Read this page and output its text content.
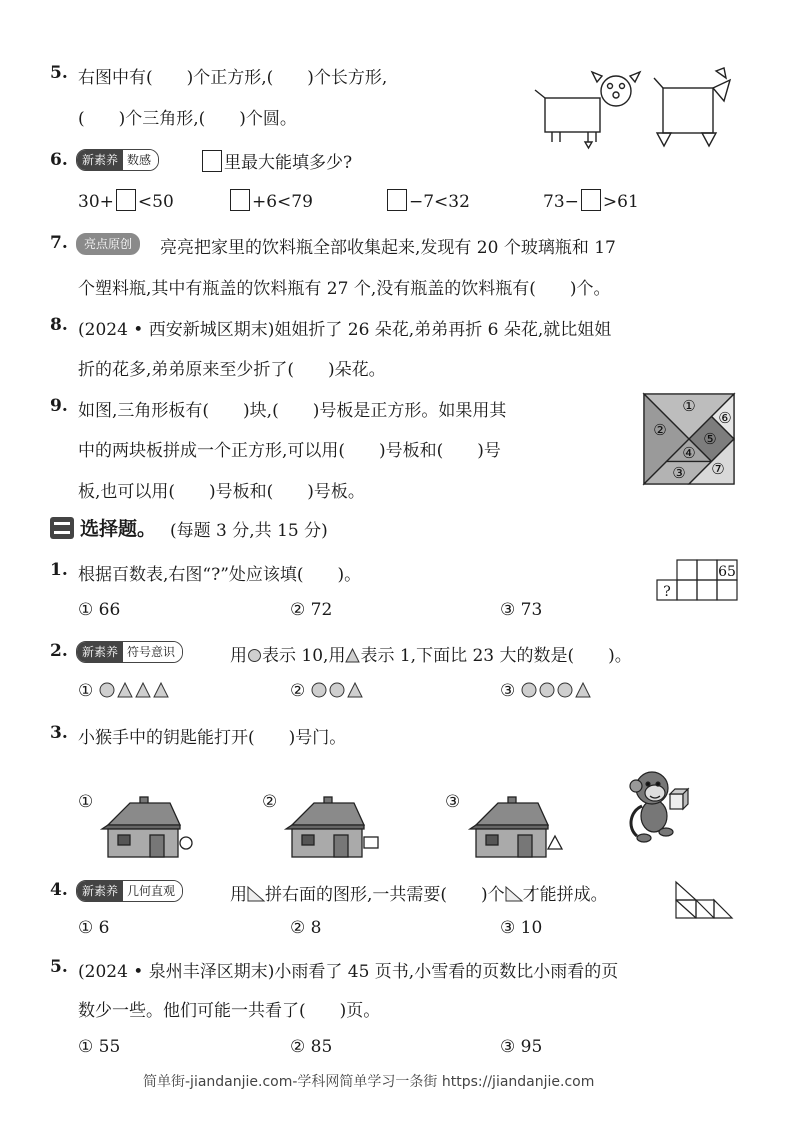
5. 右图中有(　　)个正方形,(　　)个长方形,
(　　)个三角形,(　　)个圆。
6.	新素养 数感	里最大能填多少?
30+ <50	+6<79	−7<32	73− >61
7.	亮点原创	亮亮把家里的饮料瓶全部收集起来,发现有 20 个玻璃瓶和 17
个塑料瓶,其中有瓶盖的饮料瓶有 27 个,没有瓶盖的饮料瓶有(　　)个。
8. (2024 • 西安新城区期末)姐姐折了 26 朵花,弟弟再折 6 朵花,就比姐姐
折的花多,弟弟原来至少折了(　　)朵花。
9. 如图,三角形板有(　　)块,(　　)号板是正方形。如果用其
中的两块板拼成一个正方形,可以用(　　)号板和(　　)号
板,也可以用(　　)号板和(　　)号板。
①
②
③
④
⑤
⑥
⑦
选择题。 (每题 3 分,共 15 分)
1. 根据百数表,右图“?”处应该填(　　)。	65
?
① 66	② 72	③ 73
2.	新素养 符号意识	用 表示 10,用 表示 1,下面比 23 大的数是(　　)。
①	②	③
3. 小猴手中的钥匙能打开(　　)号门。
①	②	③
4.	新素养 几何直观	用 拼右面的图形,一共需要(　　)个 才能拼成。
① 6	② 8	③ 10
5. (2024 • 泉州丰泽区期末)小雨看了 45 页书,小雪看的页数比小雨看的页
数少一些。他们可能一共看了(　　)页。
① 55	② 85	③ 95
简单街-jiandanjie.com-学科网简单学习一条街 https://jiandanjie.com
